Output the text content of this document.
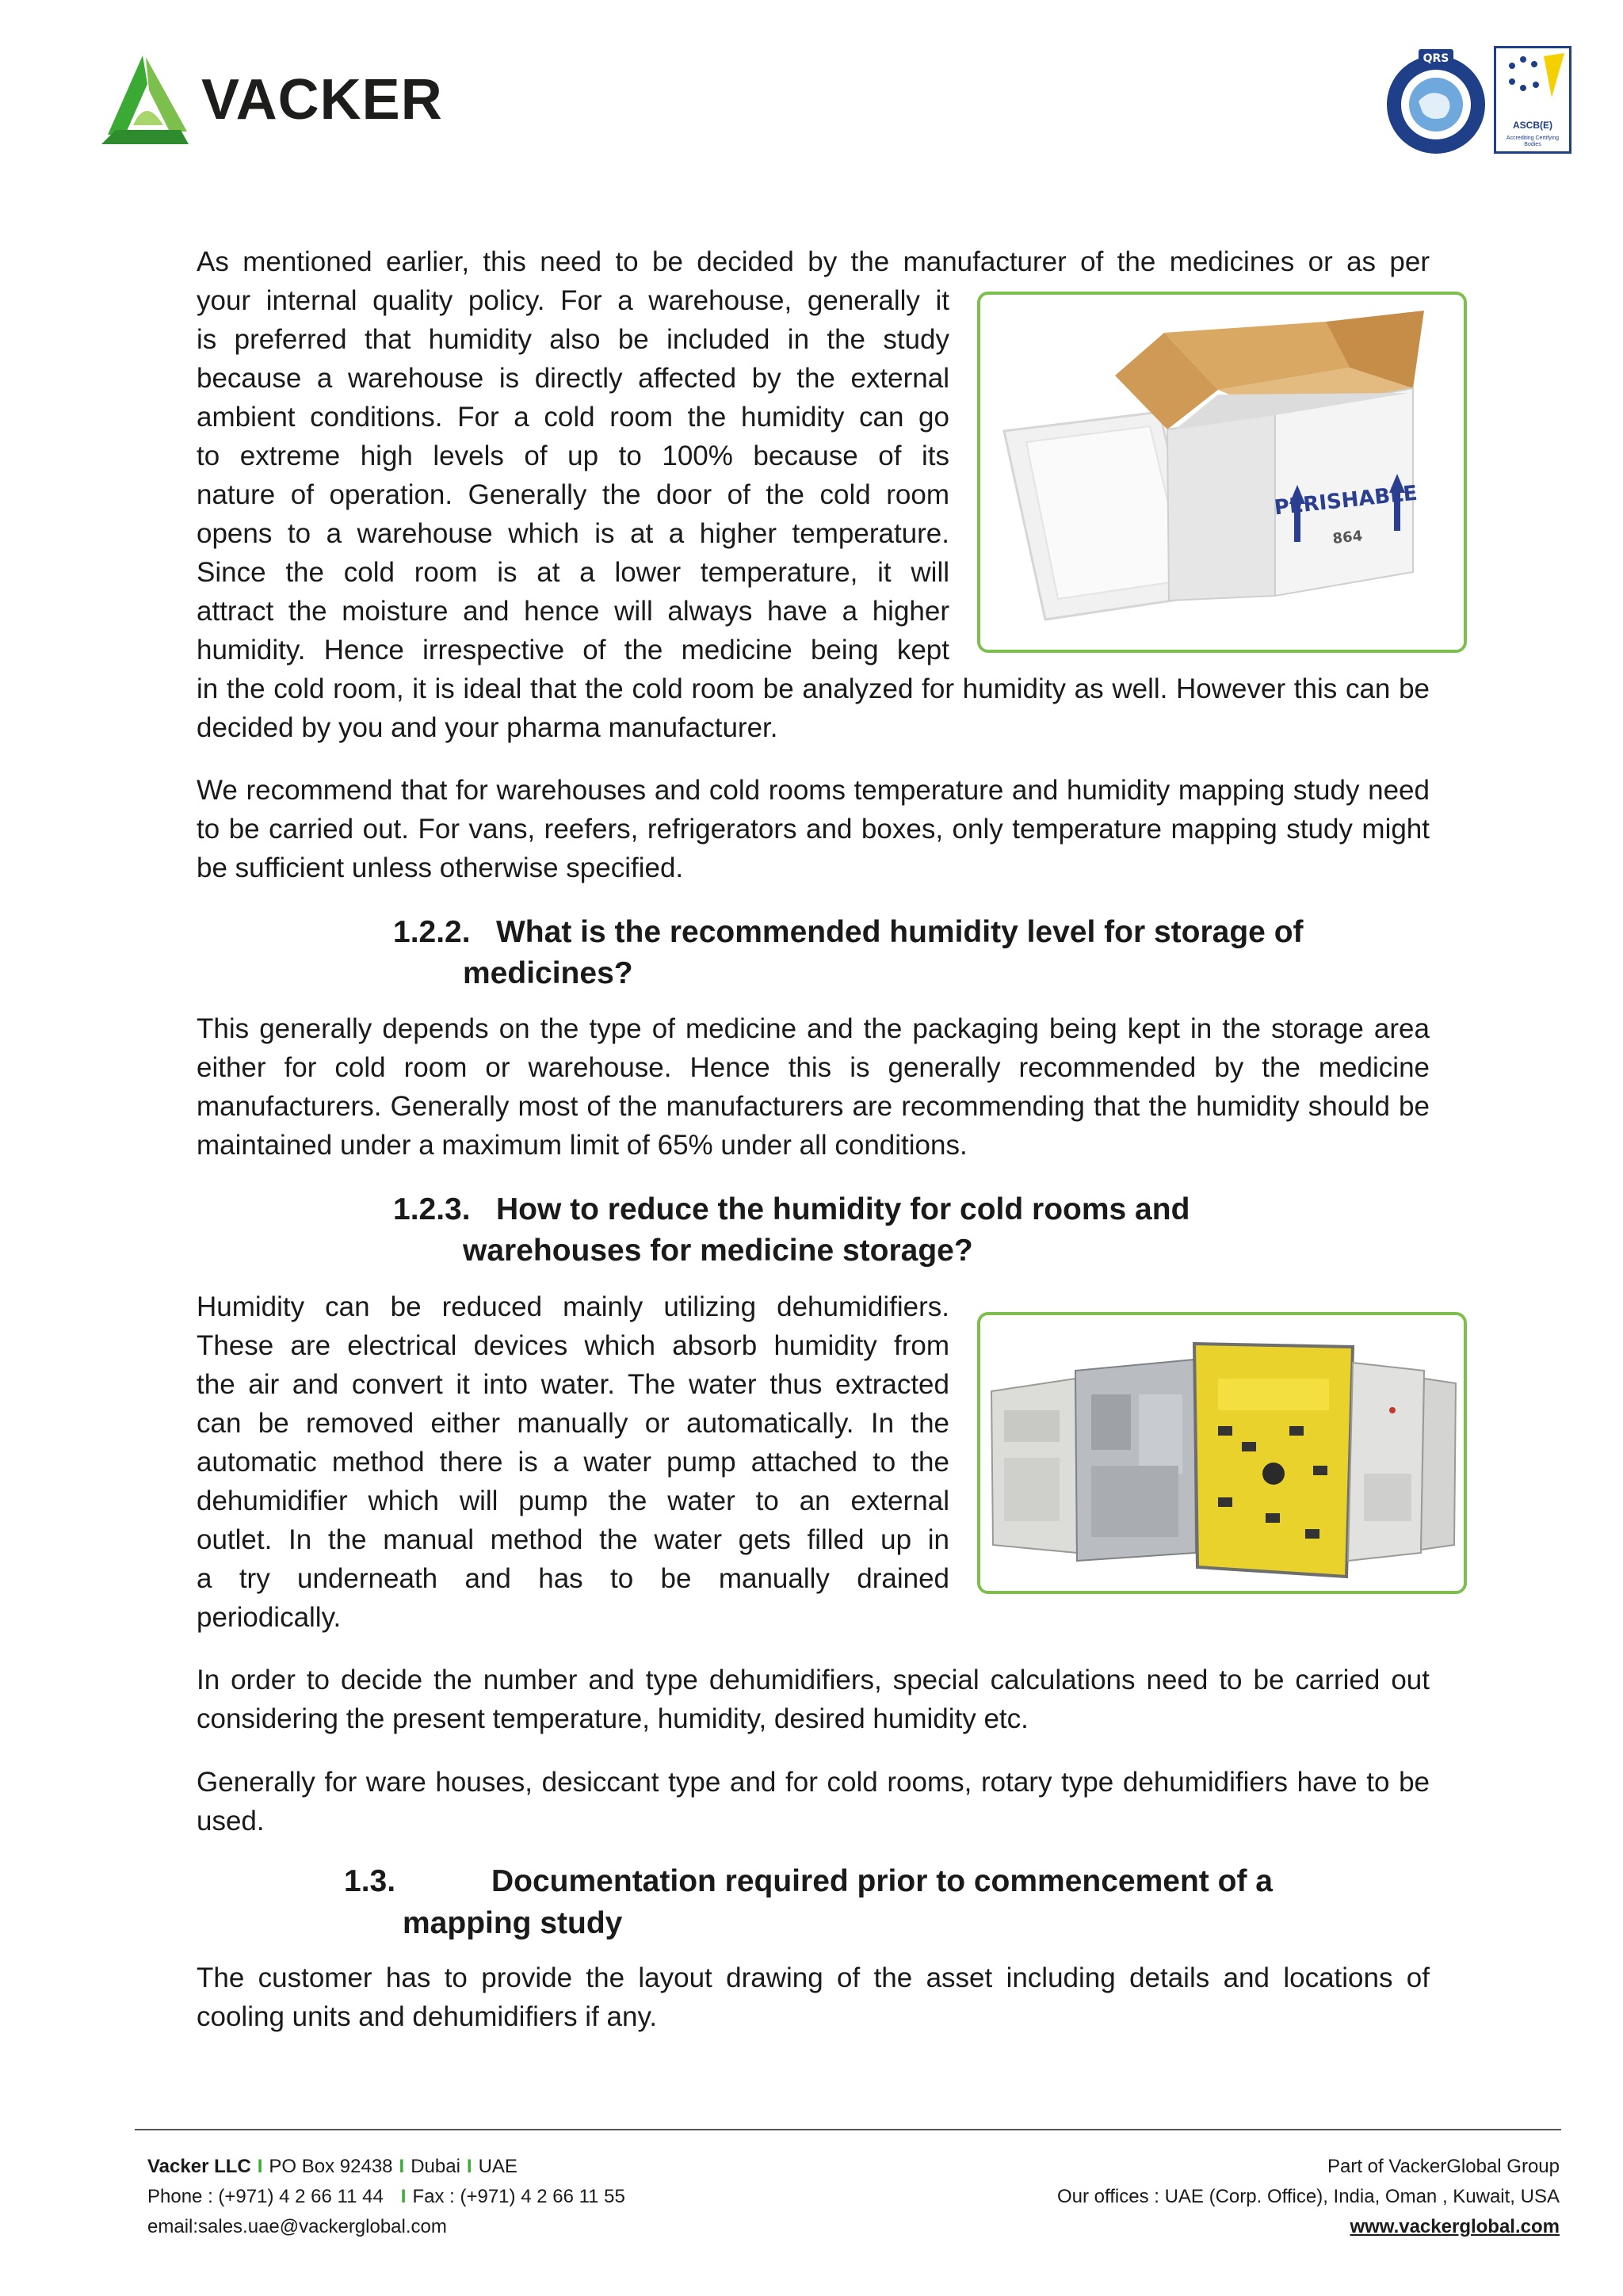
VACKER
QRS
ASCB(E)
Accrediting Certifying Bodies
As mentioned earlier, this need to be decided by the manufacturer of the medicines or as per
your internal quality policy. For a warehouse, generally it
is preferred that humidity also be included in the study
because a warehouse is directly affected by the external
ambient conditions. For a cold room the humidity can go
to extreme high levels of up to 100% because of its
nature of operation. Generally the door of the cold room
opens to a warehouse which is at a higher temperature.
Since the cold room is at a lower temperature, it will
attract the moisture and hence will always have a higher
humidity. Hence irrespective of the medicine being kept
PERISHABLE
864
in the cold room, it is ideal that the cold room be analyzed for humidity as well. However this can be decided by you and your pharma manufacturer.
We recommend that for warehouses and cold rooms temperature and humidity mapping study need to be carried out. For vans, reefers, refrigerators and boxes, only temperature mapping study might be sufficient unless otherwise specified.
1.2.2. What is the recommended humidity level for storage of
medicines?
This generally depends on the type of medicine and the packaging being kept in the storage area either for cold room or warehouse. Hence this is generally recommended by the medicine manufacturers. Generally most of the manufacturers are recommending that the humidity should be maintained under a maximum limit of 65% under all conditions.
1.2.3. How to reduce the humidity for cold rooms and
warehouses for medicine storage?
Humidity can be reduced mainly utilizing dehumidifiers.
These are electrical devices which absorb humidity from
the air and convert it into water. The water thus extracted
can be removed either manually or automatically. In the
automatic method there is a water pump attached to the
dehumidifier which will pump the water to an external
outlet. In the manual method the water gets filled up in
a try underneath and has to be manually drained
periodically.
In order to decide the number and type dehumidifiers, special calculations need to be carried out considering the present temperature, humidity, desired humidity etc.
Generally for ware houses, desiccant type and for cold rooms, rotary type dehumidifiers have to be used.
1.3.	Documentation required prior to commencement of a
mapping study
The customer has to provide the layout drawing of the asset including details and locations of cooling units and dehumidifiers if any.
Vacker LLC I PO Box 92438 I Dubai I UAE
Phone : (+971) 4 2 66 11 44 I Fax : (+971) 4 2 66 11 55
email:sales.uae@vackerglobal.com
Part of VackerGlobal Group
Our offices : UAE (Corp. Office), India, Oman , Kuwait, USA
www.vackerglobal.com
